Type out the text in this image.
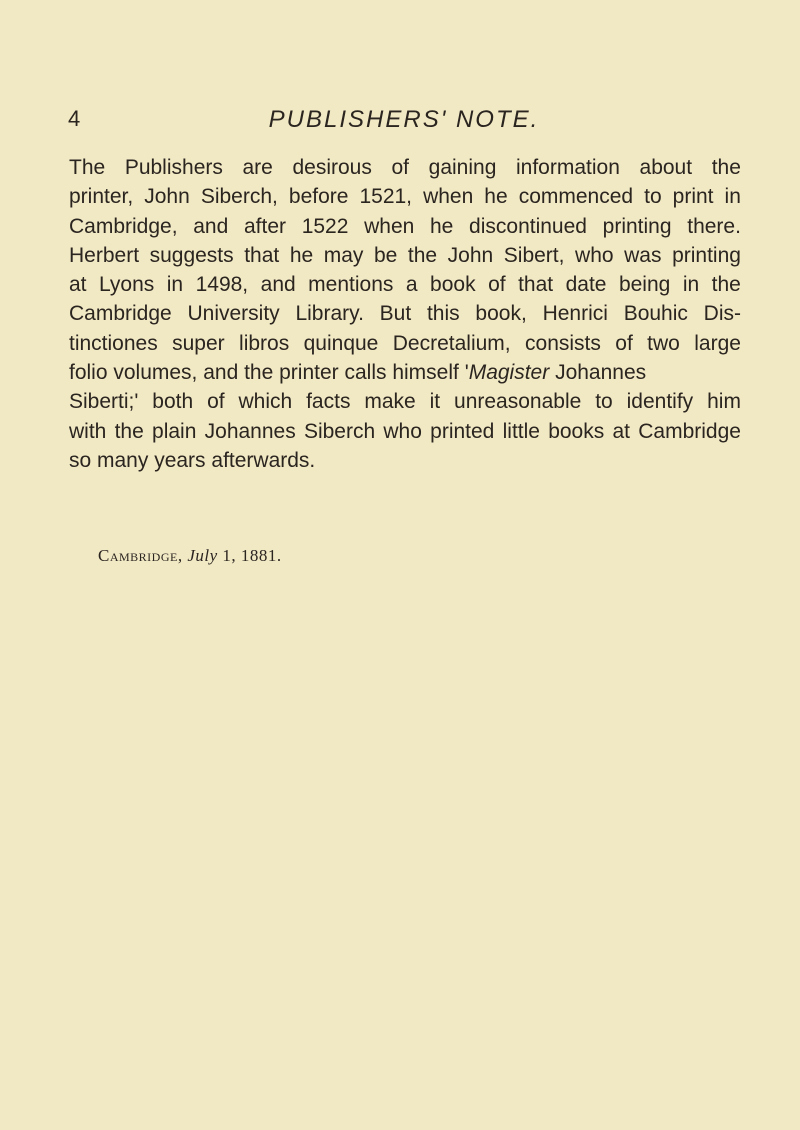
4	PUBLISHERS' NOTE.
The Publishers are desirous of gaining information about the
printer, John Siberch, before 1521, when he commenced to print in
Cambridge, and after 1522 when he discontinued printing there.
Herbert suggests that he may be the John Sibert, who was printing
at Lyons in 1498, and mentions a book of that date being in the
Cambridge University Library. But this book, Henrici Bouhic Dis-
tinctiones super libros quinque Decretalium, consists of two large
folio volumes, and the printer calls himself ' Magister Johannes
Siberti;' both of which facts make it unreasonable to identify him
with the plain Johannes Siberch who printed little books at Cambridge
so many years afterwards.
Cambridge, July 1, 1881.
